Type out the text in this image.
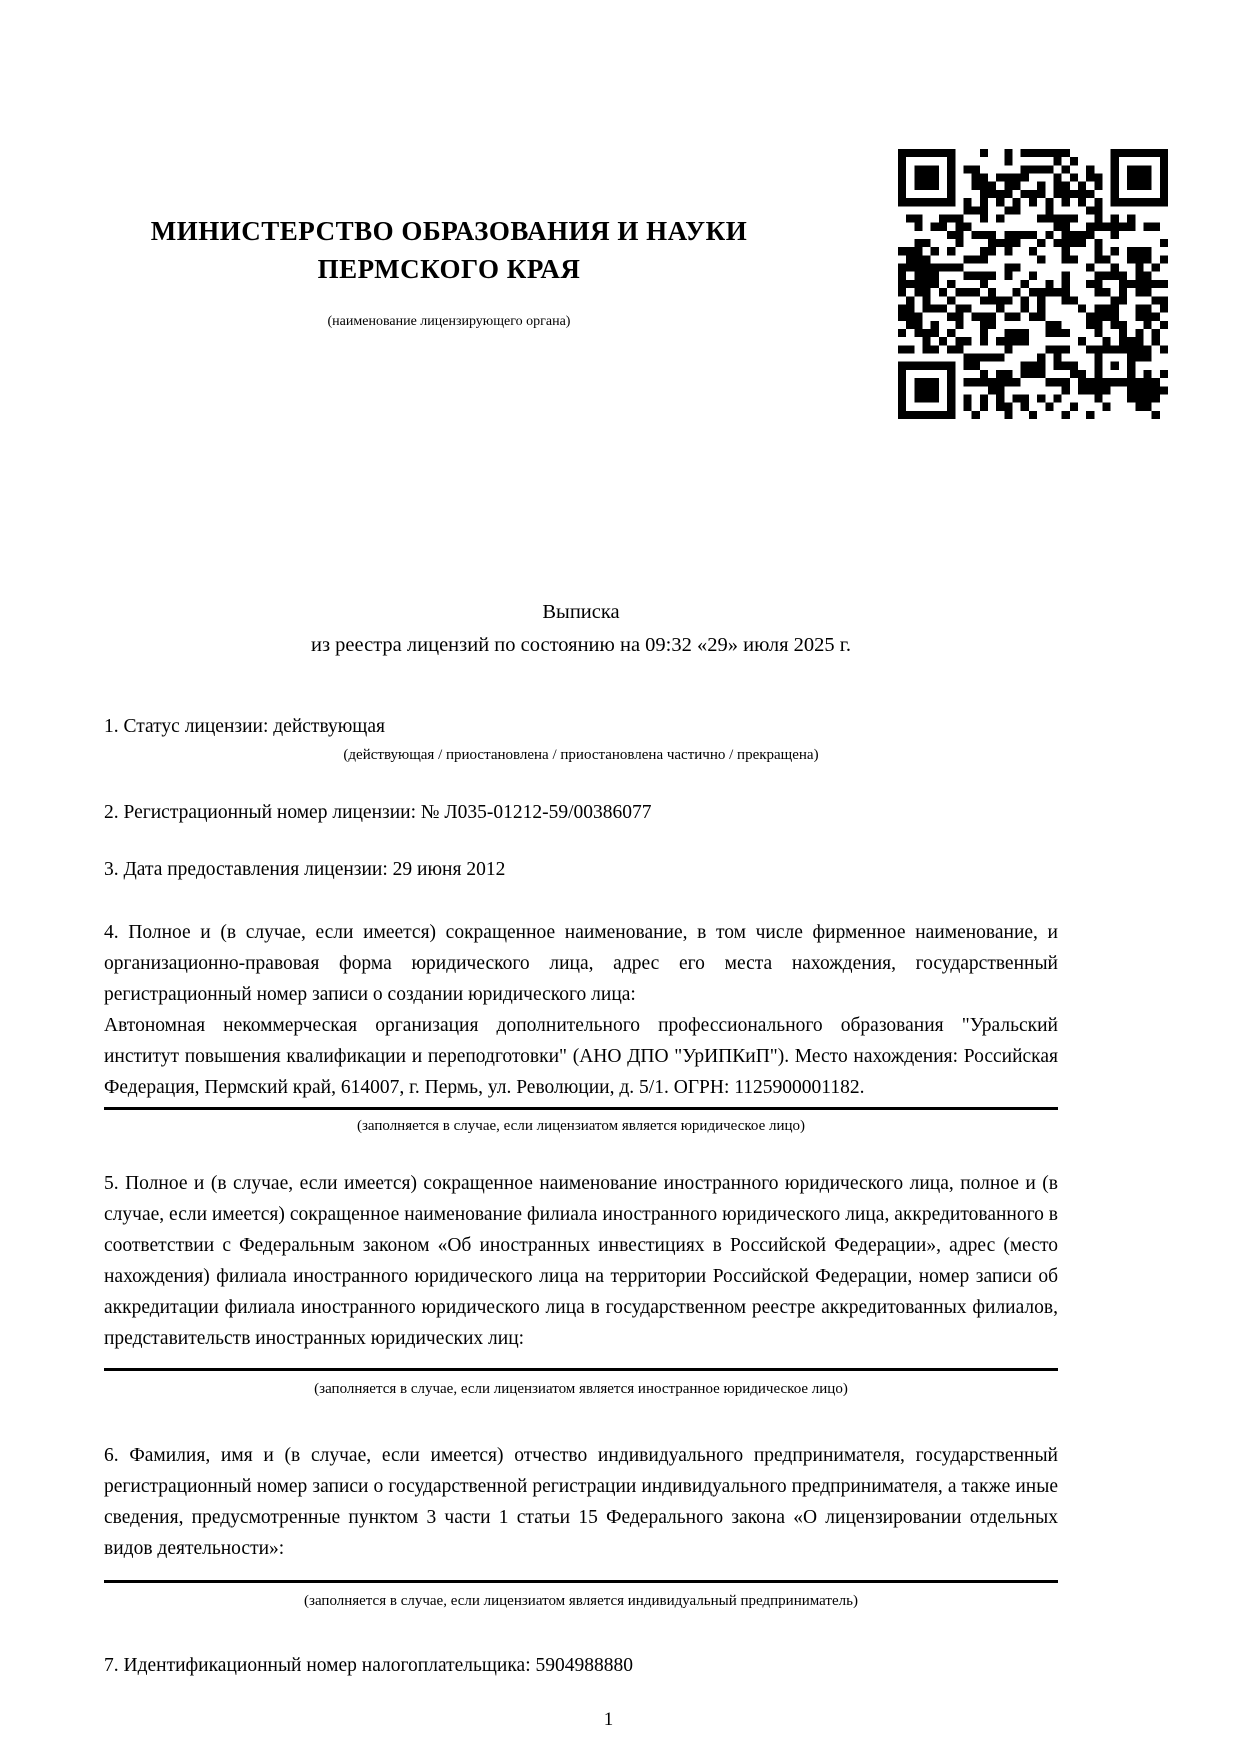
МИНИСТЕРСТВО ОБРАЗОВАНИЯ И НАУКИ
ПЕРМСКОГО КРАЯ
(наименование лицензирующего органа)
Выписка
из реестра лицензий по состоянию на 09:32 «29» июля 2025 г.
1. Статус лицензии: действующая
(действующая / приостановлена / приостановлена частично / прекращена)
2. Регистрационный номер лицензии: № Л035-01212-59/00386077
3. Дата предоставления лицензии: 29 июня 2012
4. Полное и (в случае, если имеется) сокращенное наименование, в том числе фирменное наименование, и организационно-правовая форма юридического лица, адрес его места нахождения, государственный регистрационный номер записи о создании юридического лица:
Автономная некоммерческая организация дополнительного профессионального образования "Уральский институт повышения квалификации и переподготовки" (АНО ДПО "УрИПКиП"). Место нахождения: Российская Федерация, Пермский край, 614007, г. Пермь, ул. Революции, д. 5/1. ОГРН: 1125900001182.
(заполняется в случае, если лицензиатом является юридическое лицо)
5. Полное и (в случае, если имеется) сокращенное наименование иностранного юридического лица, полное и (в случае, если имеется) сокращенное наименование филиала иностранного юридического лица, аккредитованного в соответствии с Федеральным законом «Об иностранных инвестициях в Российской Федерации», адрес (место нахождения) филиала иностранного юридического лица на территории Российской Федерации, номер записи об аккредитации филиала иностранного юридического лица в государственном реестре аккредитованных филиалов, представительств иностранных юридических лиц:
(заполняется в случае, если лицензиатом является иностранное юридическое лицо)
6. Фамилия, имя и (в случае, если имеется) отчество индивидуального предпринимателя, государственный регистрационный номер записи о государственной регистрации индивидуального предпринимателя, а также иные сведения, предусмотренные пунктом 3 части 1 статьи 15 Федерального закона «О лицензировании отдельных видов деятельности»:
(заполняется в случае, если лицензиатом является индивидуальный предприниматель)
7. Идентификационный номер налогоплательщика: 5904988880
1
